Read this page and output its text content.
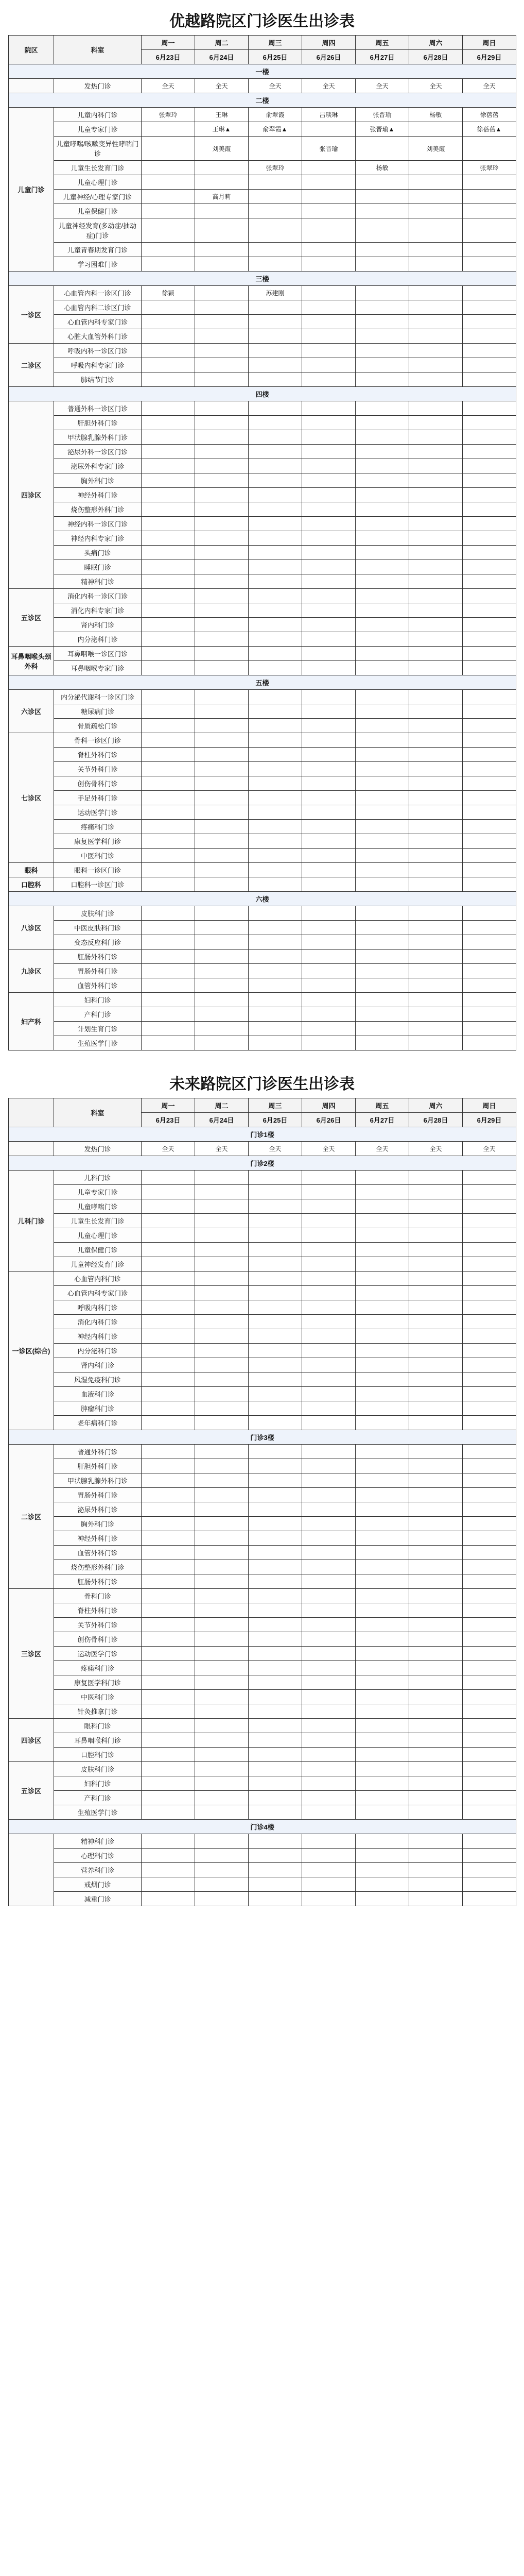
优越路院区门诊医生出诊表
院区	科室	周一	周二	周三	周四	周五	周六	周日
		6月23日	6月24日	6月25日	6月26日	6月27日	6月28日	6月29日
一楼								
	发热门诊	全天	全天	全天	全天	全天	全天	全天
二楼								
儿童门诊	儿童内科门诊	张翠玲	王琳	俞翠霞	吕琰琳	张晋瑜	杨敏	徐蓓蓓
	儿童专家门诊		王琳▲	俞翠霞▲		张晋瑜▲		徐蓓蓓▲
	儿童哮喘/咳嗽变异性哮喘门诊		刘美霞		张晋瑜		刘美霞	
	儿童生长发育门诊			张翠玲		杨敏		张翠玲
	儿童心理门诊							
	儿童神经/心理专家门诊		高月莉					
	儿童保健门诊							
	儿童神经发育(多动症/抽动症)门诊							
	儿童青春期发育门诊							
	学习困难门诊							
三楼								
一诊区	心血管内科一诊区门诊	徐颖		苏建刚				
	心血管内科二诊区门诊							
	心血管内科专家门诊							
	心脏大血管外科门诊							
二诊区	呼吸内科一诊区门诊							
	呼吸内科专家门诊							
	肺结节门诊							
四楼								
四诊区	普通外科一诊区门诊							
	肝胆外科门诊							
	甲状腺乳腺外科门诊							
	泌尿外科一诊区门诊							
	泌尿外科专家门诊							
	胸外科门诊							
	神经外科门诊							
	烧伤整形外科门诊							
	神经内科一诊区门诊							
	神经内科专家门诊							
	头痛门诊							
	睡眠门诊							
	精神科门诊							
五诊区	消化内科一诊区门诊							
	消化内科专家门诊							
	肾内科门诊							
	内分泌科门诊							
耳鼻咽喉头颈外科	耳鼻咽喉一诊区门诊							
	耳鼻咽喉专家门诊							
五楼								
六诊区	内分泌代谢科一诊区门诊							
	糖尿病门诊							
	骨质疏松门诊							
七诊区	骨科一诊区门诊							
	脊柱外科门诊							
	关节外科门诊							
	创伤骨科门诊							
	手足外科门诊							
	运动医学门诊							
	疼痛科门诊							
	康复医学科门诊							
	中医科门诊							
眼科	眼科一诊区门诊							
口腔科	口腔科一诊区门诊							
六楼								
八诊区	皮肤科门诊							
	中医皮肤科门诊							
	变态反应科门诊							
九诊区	肛肠外科门诊							
	胃肠外科门诊							
	血管外科门诊							
妇产科	妇科门诊							
	产科门诊							
	计划生育门诊							
	生殖医学门诊							
未来路院区门诊医生出诊表
	科室	周一	周二	周三	周四	周五	周六	周日
		6月23日	6月24日	6月25日	6月26日	6月27日	6月28日	6月29日
门诊1楼								
	发热门诊	全天	全天	全天	全天	全天	全天	全天
门诊2楼								
儿科门诊	儿科门诊							
	儿童专家门诊							
	儿童哮喘门诊							
	儿童生长发育门诊							
	儿童心理门诊							
	儿童保健门诊							
	儿童神经发育门诊							
一诊区(综合)	心血管内科门诊							
	心血管内科专家门诊							
	呼吸内科门诊							
	消化内科门诊							
	神经内科门诊							
	内分泌科门诊							
	肾内科门诊							
	风湿免疫科门诊							
	血液科门诊							
	肿瘤科门诊							
	老年病科门诊							
门诊3楼								
二诊区	普通外科门诊							
	肝胆外科门诊							
	甲状腺乳腺外科门诊							
	胃肠外科门诊							
	泌尿外科门诊							
	胸外科门诊							
	神经外科门诊							
	血管外科门诊							
	烧伤整形外科门诊							
	肛肠外科门诊							
三诊区	骨科门诊							
	脊柱外科门诊							
	关节外科门诊							
	创伤骨科门诊							
	运动医学门诊							
	疼痛科门诊							
	康复医学科门诊							
	中医科门诊							
	针灸推拿门诊							
四诊区	眼科门诊							
	耳鼻咽喉科门诊							
	口腔科门诊							
五诊区	皮肤科门诊							
	妇科门诊							
	产科门诊							
	生殖医学门诊							
门诊4楼								
	精神科门诊							
	心理科门诊							
	营养科门诊							
	戒烟门诊							
	减重门诊							
